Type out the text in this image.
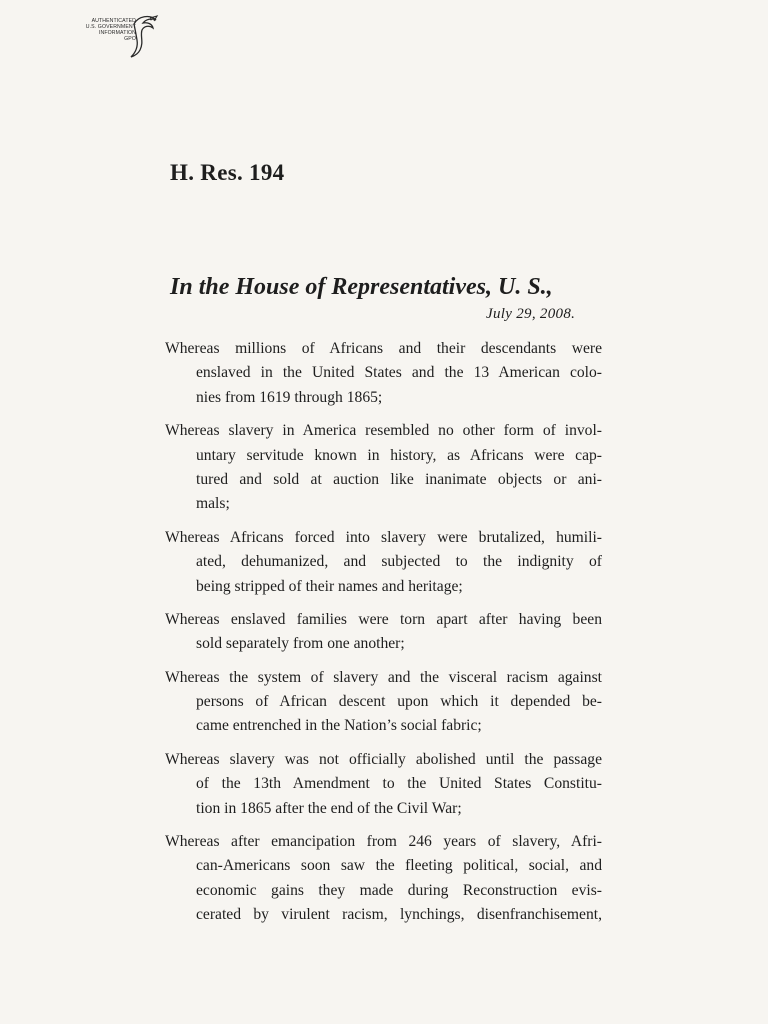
AUTHENTICATED
U.S. GOVERNMENT
INFORMATION
GPO
H. Res. 194
In the House of Representatives, U. S.,
July 29, 2008.
Whereas millions of Africans and their descendants were
enslaved in the United States and the 13 American colo-
nies from 1619 through 1865;
Whereas slavery in America resembled no other form of invol-
untary servitude known in history, as Africans were cap-
tured and sold at auction like inanimate objects or ani-
mals;
Whereas Africans forced into slavery were brutalized, humili-
ated, dehumanized, and subjected to the indignity of
being stripped of their names and heritage;
Whereas enslaved families were torn apart after having been
sold separately from one another;
Whereas the system of slavery and the visceral racism against
persons of African descent upon which it depended be-
came entrenched in the Nation’s social fabric;
Whereas slavery was not officially abolished until the passage
of the 13th Amendment to the United States Constitu-
tion in 1865 after the end of the Civil War;
Whereas after emancipation from 246 years of slavery, Afri-
can-Americans soon saw the fleeting political, social, and
economic gains they made during Reconstruction evis-
cerated by virulent racism, lynchings, disenfranchisement,
